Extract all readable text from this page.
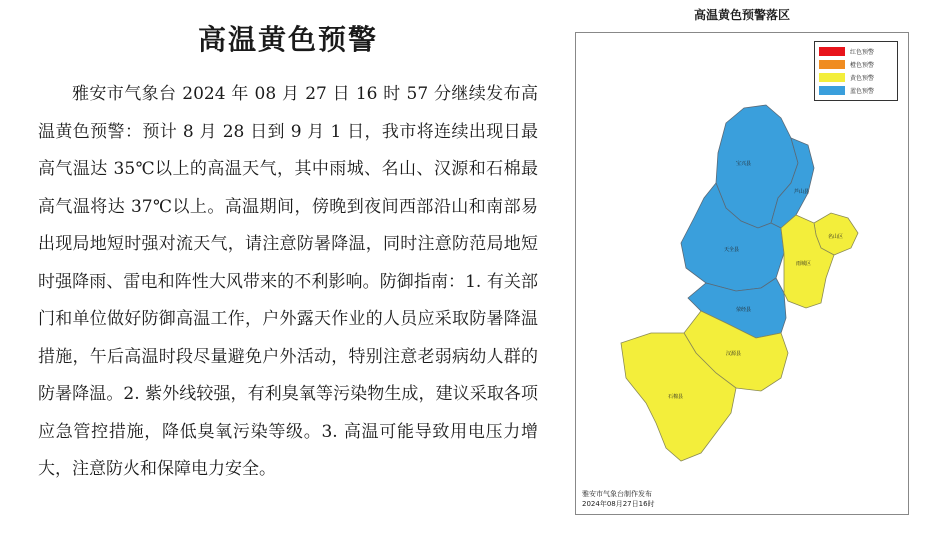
高温黄色预警

雅安市气象台 2024 年 08 月 27 日 16 时 57 分继续发布高温黄色预警：预计 8 月 28 日到 9 月 1 日，我市将连续出现日最高气温达 35℃以上的高温天气，其中雨城、名山、汉源和石棉最高气温将达 37℃以上。高温期间，傍晚到夜间西部沿山和南部易出现局地短时强对流天气，请注意防暑降温，同时注意防范局地短时强降雨、雷电和阵性大风带来的不利影响。防御指南：1. 有关部门和单位做好防御高温工作，户外露天作业的人员应采取防暑降温措施，午后高温时段尽量避免户外活动，特别注意老弱病幼人群的防暑降温。2. 紫外线较强，有利臭氧等污染物生成，建议采取各项应急管控措施，降低臭氧污染等级。3. 高温可能导致用电压力增大，注意防火和保障电力安全。

高温黄色预警落区
宝兴县
芦山县
天全县
荥经县
名山区
雨城区
汉源县
石棉县
红色预警
橙色预警
黄色预警
蓝色预警
雅安市气象台制作发布
2024年08月27日16时
